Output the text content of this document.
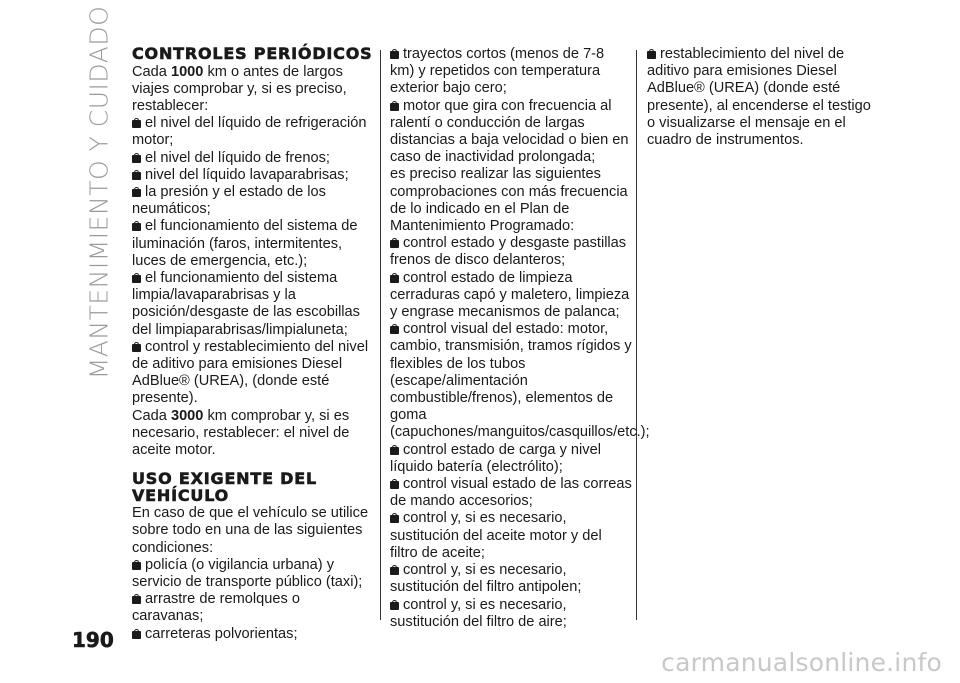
MANTENIMIENTO Y CUIDADO CONTROLES PERIÓDICOS

Cada 1000 km o antes de largos viajes comprobar y, si es preciso, restablecer:

el nivel del líquido de refrigeración motor;

el nivel del líquido de frenos;

nivel del líquido lavaparabrisas;

la presión y el estado de los neumáticos;

el funcionamiento del sistema de iluminación (faros, intermitentes, luces de emergencia, etc.);

el funcionamiento del sistema limpia/lavaparabrisas y la posición/desgaste de las escobillas del limpiaparabrisas/limpialuneta;

control y restablecimiento del nivel de aditivo para emisiones Diesel AdBlue® (UREA), (donde esté presente).

Cada 3000 km comprobar y, si es necesario, restablecer: el nivel de aceite motor.

USO EXIGENTE DEL VEHÍCULO

En caso de que el vehículo se utilice sobre todo en una de las siguientes condiciones:

policía (o vigilancia urbana) y servicio de transporte público (taxi);

arrastre de remolques o caravanas;

carreteras polvorientas;

trayectos cortos (menos de 7-8 km) y repetidos con temperatura exterior bajo cero;

motor que gira con frecuencia al ralentí o conducción de largas distancias a baja velocidad o bien en caso de inactividad prolongada;

es preciso realizar las siguientes comprobaciones con más frecuencia de lo indicado en el Plan de Mantenimiento Programado:

control estado y desgaste pastillas frenos de disco delanteros;

control estado de limpieza cerraduras capó y maletero, limpieza y engrase mecanismos de palanca;

control visual del estado: motor, cambio, transmisión, tramos rígidos y flexibles de los tubos (escape/alimentación combustible/frenos), elementos de goma (capuchones/manguitos/casquillos/etc.);

control estado de carga y nivel líquido batería (electrólito);

control visual estado de las correas de mando accesorios;

control y, si es necesario, sustitución del aceite motor y del filtro de aceite;

control y, si es necesario, sustitución del filtro antipolen;

control y, si es necesario, sustitución del filtro de aire;

restablecimiento del nivel de aditivo para emisiones Diesel AdBlue® (UREA) (donde esté presente), al encenderse el testigo o visualizarse el mensaje en el cuadro de instrumentos.

190
carmanualsonline.info
